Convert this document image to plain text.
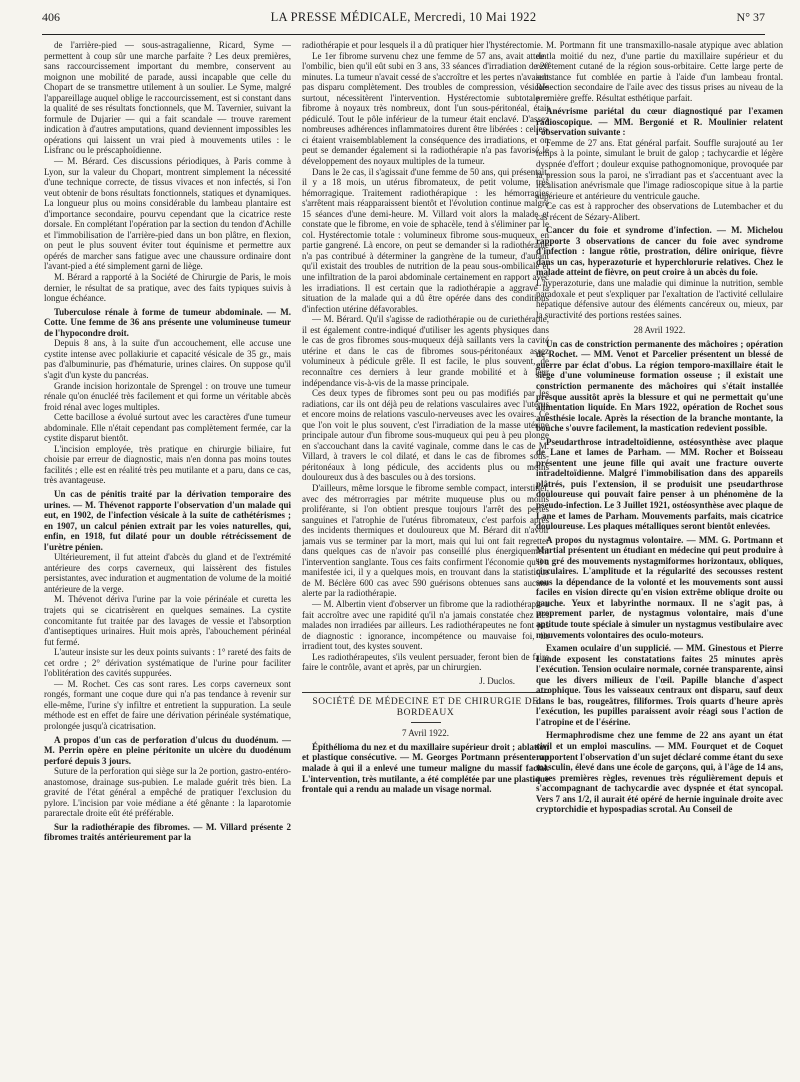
406	LA PRESSE MÉDICALE, Mercredi, 10 Mai 1922	N° 37

de l'arrière-pied — sous-astragalienne, Ricard, Syme — permettent à coup sûr une marche parfaite ? Les deux premières, sans raccourcissement important du membre, conservent au moignon une mobilité de parade, aussi incapable que celle du Chopart de se transmettre utilement à un soulier. Le Syme, malgré l'appareillage auquel oblige le raccourcissement, est si constant dans la qualité de ses résultats fonctionnels, que M. Tavernier, suivant la formule de Dujarier — qui a fait scandale — trouve rarement indication à d'autres amputations, quand deviennent impossibles les opérations qui laissent un vrai pied à mouvements utiles : le Lisfranc ou le préscaphoïdienne.

— M. Bérard. Ces discussions périodiques, à Paris comme à Lyon, sur la valeur du Chopart, montrent simplement la nécessité d'une technique correcte, de tissus vivaces et non infectés, si l'on veut obtenir de bons résultats fonctionnels, statiques et dynamiques. La longueur plus ou moins considérable du lambeau plantaire est d'importance secondaire, pourvu cependant que la cicatrice reste dorsale. En complétant l'opération par la section du tendon d'Achille et l'immobilisation de l'arrière-pied dans un bon plâtre, en flexion, on peut le plus souvent éviter tout équinisme et permettre aux opérés de marcher sans fatigue avec une chaussure ordinaire dont l'avant-pied a été simplement garni de liège.

M. Bérard a rapporté à la Société de Chirurgie de Paris, le mois dernier, le résultat de sa pratique, avec des faits typiques suivis à longue échéance.

Tuberculose rénale à forme de tumeur abdominale. — M. Cotte. Une femme de 36 ans présente une volumineuse tumeur de l'hypocondre droit.

Depuis 8 ans, à la suite d'un accouchement, elle accuse une cystite intense avec pollakiurie et capacité vésicale de 35 gr., mais pas d'albuminurie, pas d'hématurie, urines claires. On suppose qu'il s'agit d'un kyste du pancréas.

Grande incision horizontale de Sprengel : on trouve une tumeur rénale qu'on énucléé très facilement et qui forme un véritable abcès froid rénal avec loges multiples.

Cette bacillose a évolué surtout avec les caractères d'une tumeur abdominale. Elle n'était cependant pas complètement fermée, car la cystite disparut bientôt.

L'incision employée, très pratique en chirurgie biliaire, fut choisie par erreur de diagnostic, mais n'en donna pas moins toutes facilités ; elle est en réalité très peu mutilante et a paru, dans ce cas, très avantageuse.

Un cas de pénitis traité par la dérivation temporaire des urines. — M. Thévenot rapporte l'observation d'un malade qui eut, en 1902, de l'infection vésicale à la suite de cathétérismes ; en 1907, un calcul pénien extrait par les voies naturelles, qui, enfin, en 1918, fut dilaté pour un double rétrécissement de l'urètre pénien.

Ultérieurement, il fut atteint d'abcès du gland et de l'extrémité antérieure des corps caverneux, qui laissèrent des fistules persistantes, avec induration et augmentation de volume de la moitié antérieure de la verge.

M. Thévenot dériva l'urine par la voie périnéale et curetta les trajets qui se cicatrisèrent en quelques semaines. La cystite concomitante fut traitée par des lavages de vessie et l'absorption d'antiseptiques urinaires. Huit mois après, l'abouchement périnéal fut fermé.

L'auteur insiste sur les deux points suivants : 1° rareté des faits de cet ordre ; 2° dérivation systématique de l'urine pour faciliter l'oblitération des cavités suppurées.

— M. Rochet. Ces cas sont rares. Les corps caverneux sont rongés, formant une coque dure qui n'a pas tendance à revenir sur elle-même, l'urine s'y infiltre et entretient la suppuration. La seule méthode est en effet de faire une dérivation périnéale systématique, prolongée jusqu'à cicatrisation.

A propos d'un cas de perforation d'ulcus du duodénum. — M. Perrin opère en pleine péritonite un ulcère du duodénum perforé depuis 3 jours.

Suture de la perforation qui siège sur la 2e portion, gastro-entéro-anastomose, drainage sus-pubien. Le malade guérit très bien. La gravité de l'état général a empêché de pratiquer l'exclusion du pylore. L'incision par voie médiane a été gênante : la laparotomie pararectale droite eût été préférable.

Sur la radiothérapie des fibromes. — M. Villard présente 2 fibromes traités antérieurement par la

radiothérapie et pour lesquels il a dû pratiquer hier l'hystérectomie.

Le 1er fibrome survenu chez une femme de 57 ans, avait atteint l'ombilic, bien qu'il eût subi en 3 ans, 33 séances d'irradiation de 20 minutes. La tumeur n'avait cessé de s'accroître et les pertes n'avaient pas disparu complètement. Des troubles de compression, vésicale surtout, nécessitèrent l'intervention. Hystérectomie subtotale : fibrome à noyaux très nombreux, dont l'un sous-péritonéal, était pédiculé. Tout le pôle inférieur de la tumeur était enclavé. D'assez nombreuses adhérences inflammatoires durent être libérées : celles-ci étaient vraisemblablement la conséquence des irradiations, et on peut se demander également si la radiothérapie n'a pas favorisé le développement des noyaux multiples de la tumeur.

Dans le 2e cas, il s'agissait d'une femme de 50 ans, qui présentait, il y a 18 mois, un utérus fibromateux, de petit volume, très hémorragique. Traitement radiothérapique : les hémorragies s'arrêtent mais réapparaissent bientôt et l'évolution continue malgré 15 séances d'une demi-heure. M. Villard voit alors la malade et constate que le fibrome, en voie de sphacèle, tend à s'éliminer par le col. Hystérectomie totale : volumineux fibrome sous-muqueux, en partie gangrené. Là encore, on peut se demander si la radiothérapie n'a pas contribué à déterminer la gangrène de la tumeur, d'autant qu'il existait des troubles de nutrition de la peau sous-ombilicale et une infiltration de la paroi abdominale certainement en rapport avec les irradiations. Il est certain que la radiothérapie a aggravé la situation de la malade qui a dû être opérée dans des conditions d'infection utérine défavorables.

— M. Bérard. Qu'il s'agisse de radiothérapie ou de curiethérapie, il est également contre-indiqué d'utiliser les agents physiques dans le cas de gros fibromes sous-muqueux déjà saillants vers la cavité utérine et dans le cas de fibromes sous-péritonéaux assez volumineux à pédicule grêle. Il est facile, le plus souvent, de reconnaître ces derniers à leur grande mobilité et à leur indépendance vis-à-vis de la masse principale.

Ces deux types de fibromes sont peu ou pas modifiés par les radiations, car ils ont déjà peu de relations vasculaires avec l'utérus et encore moins de relations vasculo-nerveuses avec les ovaires. Ce que l'on voit le plus souvent, c'est l'irradiation de la masse utérine principale autour d'un fibrome sous-muqueux qui peu à peu plonge en s'accouchant dans la cavité vaginale, comme dans le cas de M. Villard, à travers le col dilaté, et dans le cas de fibromes sous-péritonéaux à long pédicule, des accidents plus ou moins douloureux dus à des bascules ou à des torsions.

D'ailleurs, même lorsque le fibrome semble compact, interstitiel, avec des métrorragies par métrite muqueuse plus ou moins proliférante, si l'on obtient presque toujours l'arrêt des pertes sanguines et l'atrophie de l'utérus fibromateux, c'est parfois après des incidents thermiques et douloureux que M. Bérard dit n'avoir jamais vus se terminer par la mort, mais qui lui ont fait regretter dans quelques cas de n'avoir pas conseillé plus énergiquement l'intervention sanglante. Tous ces faits confirment l'économie qu'il a manifestée ici, il y a quelques mois, en trouvant dans la statistique de M. Béclère 600 cas avec 590 guérisons obtenues sans aucune alerte par la radiothérapie.

— M. Albertin vient d'observer un fibrome que la radiothérapie a fait accroître avec une rapidité qu'il n'a jamais constatée chez des malades non irradiées par ailleurs. Les radiothérapeutes ne font pas de diagnostic : ignorance, incompétence ou mauvaise foi, ils irradient tout, des kystes souvent.

Les radiothérapeutes, s'ils veulent persuader, feront bien de faire faire le contrôle, avant et après, par un chirurgien.

J. Duclos.

SOCIÉTÉ DE MÉDECINE ET DE CHIRURGIE DE BORDEAUX

7 Avril 1922.

Épithélioma du nez et du maxillaire supérieur droit ; ablation et plastique consécutive. — M. Georges Portmann présente un malade à qui il a enlevé une tumeur maligne du massif facial. L'intervention, très mutilante, a été complétée par une plastique frontale qui a rendu au malade un visage normal.

M. Portmann fit une transmaxillo-nasale atypique avec ablation de la moitié du nez, d'une partie du maxillaire supérieur et du revêtement cutané de la région sous-orbitaire. Cette large perte de substance fut comblée en partie à l'aide d'un lambeau frontal. Résection secondaire de l'aile avec des tissus prises au niveau de la première greffe. Résultat esthétique parfait.

Anévrisme pariétal du cœur diagnostiqué par l'examen radioscopique. — MM. Bergonié et R. Moulinier relatent l'observation suivante :

Femme de 27 ans. Etat général parfait. Souffle surajouté au 1er temps à la pointe, simulant le bruit de galop ; tachycardie et légère dyspnée d'effort ; douleur exquise pathognomonique, provoquée par la pression sous la paroi, ne s'irradiant pas et s'accentuant avec la localisation anévrismale que l'image radioscopique situe à la partie supérieure et antérieure du ventricule gauche.

Ce cas est à rapprocher des observations de Lutembacher et du cas récent de Sézary-Alibert.

Cancer du foie et syndrome d'infection. — M. Michelou rapporte 3 observations de cancer du foie avec syndrome d'infection : langue rôtie, prostration, délire onirique, fièvre dans un cas, hyperazoturie et hyperchlorurie relatives. Chez le malade atteint de fièvre, on peut croire à un abcès du foie.

L'hyperazoturie, dans une maladie qui diminue la nutrition, semble paradoxale et peut s'expliquer par l'exaltation de l'activité cellulaire hépatique défensive autour des éléments cancéreux ou, mieux, par la suractivité des portions restées saines.

28 Avril 1922.

Un cas de constriction permanente des mâchoires ; opération de Rochet. — MM. Venot et Parcelier présentent un blessé de guerre par éclat d'obus. La région temporo-maxillaire était le siège d'une volumineuse formation osseuse ; il existait une constriction permanente des mâchoires qui s'était installée presque aussitôt après la blessure et qui ne permettait qu'une alimentation liquide. En Mars 1922, opération de Rochet sous anesthésie locale. Après la résection de la branche montante, la bouche s'ouvre facilement, la mastication redevient possible.
Pseudarthrose intradeltoïdienne, ostéosynthèse avec plaque de Lane et lames de Parham. — MM. Rocher et Boisseau présentent une jeune fille qui avait une fracture ouverte intradeltoïdienne. Malgré l'immobilisation dans des appareils plâtrés, puis l'extension, il se produisit une pseudarthrose douloureuse qui pouvait faire penser à un phénomène de la pseudo-infection. Le 3 Juillet 1921, ostéosynthèse avec plaque de Lane et lames de Parham. Mouvements parfaits, mais cicatrice douloureuse. Les plaques métalliques seront bientôt enlevées.
A propos du nystagmus volontaire. — MM. G. Portmann et Martial présentent un étudiant en médecine qui peut produire à son gré des mouvements nystagmiformes horizontaux, obliques, circulaires. L'amplitude et la régularité des secousses restent sous la dépendance de la volonté et les mouvements sont aussi faciles en vision directe qu'en vision extrême oblique droite ou gauche. Yeux et labyrinthe normaux. Il ne s'agit pas, à proprement parler, de nystagmus volontaire, mais d'une aptitude toute spéciale à simuler un nystagmus vestibulaire avec mouvements volontaires des oculo-moteurs.
Examen oculaire d'un supplicié. — MM. Ginestous et Pierre Lande exposent les constatations faites 25 minutes après l'exécution. Tension oculaire normale, cornée transparente, ainsi que les divers milieux de l'œil. Papille blanche d'aspect atrophique. Tous les vaisseaux centraux ont disparu, sauf deux dans le bas, rougeâtres, filiformes. Trois quarts d'heure après l'exécution, les pupilles paraissent avoir réagi sous l'action de l'atropine et de l'ésérine.
Hermaphrodisme chez une femme de 22 ans ayant un état civil et un emploi masculins. — MM. Fourquet et de Coquet rapportent l'observation d'un sujet déclaré comme étant du sexe masculin, élevé dans une école de garçons, qui, à l'âge de 14 ans, a ses premières règles, revenues très régulièrement depuis et s'accompagnant de tachycardie avec dyspnée et état syncopal. Vers 7 ans 1/2, il aurait été opéré de hernie inguinale droite avec cryptorchidie et hypospadias scrotal. Au Conseil de
